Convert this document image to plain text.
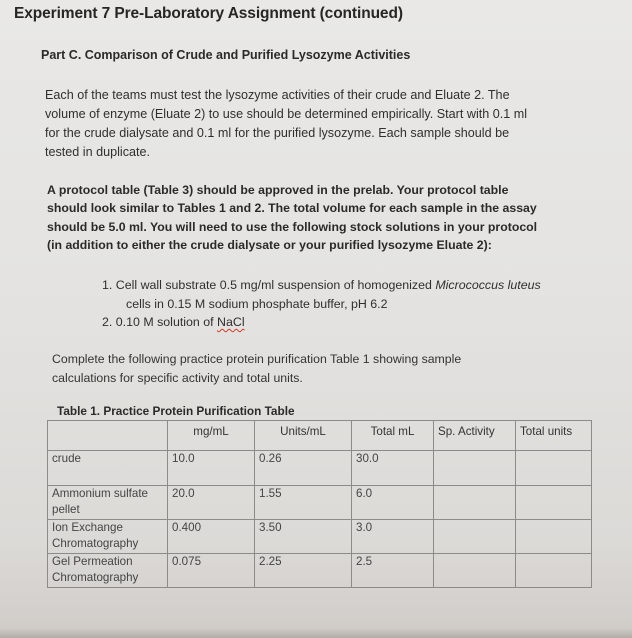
Experiment 7 Pre-Laboratory Assignment (continued)
Part C. Comparison of Crude and Purified Lysozyme Activities

Each of the teams must test the lysozyme activities of their crude and Eluate 2. The

volume of enzyme (Eluate 2) to use should be determined empirically. Start with 0.1 ml

for the crude dialysate and 0.1 ml for the purified lysozyme. Each sample should be

tested in duplicate.

A protocol table (Table 3) should be approved in the prelab. Your protocol table

should look similar to Tables 1 and 2. The total volume for each sample in the assay

should be 5.0 ml. You will need to use the following stock solutions in your protocol

(in addition to either the crude dialysate or your purified lysozyme Eluate 2):

1. Cell wall substrate 0.5 mg/ml suspension of homogenized Micrococcus luteus
cells in 0.15 M sodium phosphate buffer, pH 6.2
2. 0.10 M solution of NaCl

Complete the following practice protein purification Table 1 showing sample

calculations for specific activity and total units.

Table 1. Practice Protein Purification Table
	mg/mL	Units/mL	Total mL	Sp. Activity	Total units
crude	10.0	0.26	30.0		
Ammonium sulfate pellet	20.0	1.55	6.0		
Ion Exchange Chromatography	0.400	3.50	3.0		
Gel Permeation Chromatography	0.075	2.25	2.5		
